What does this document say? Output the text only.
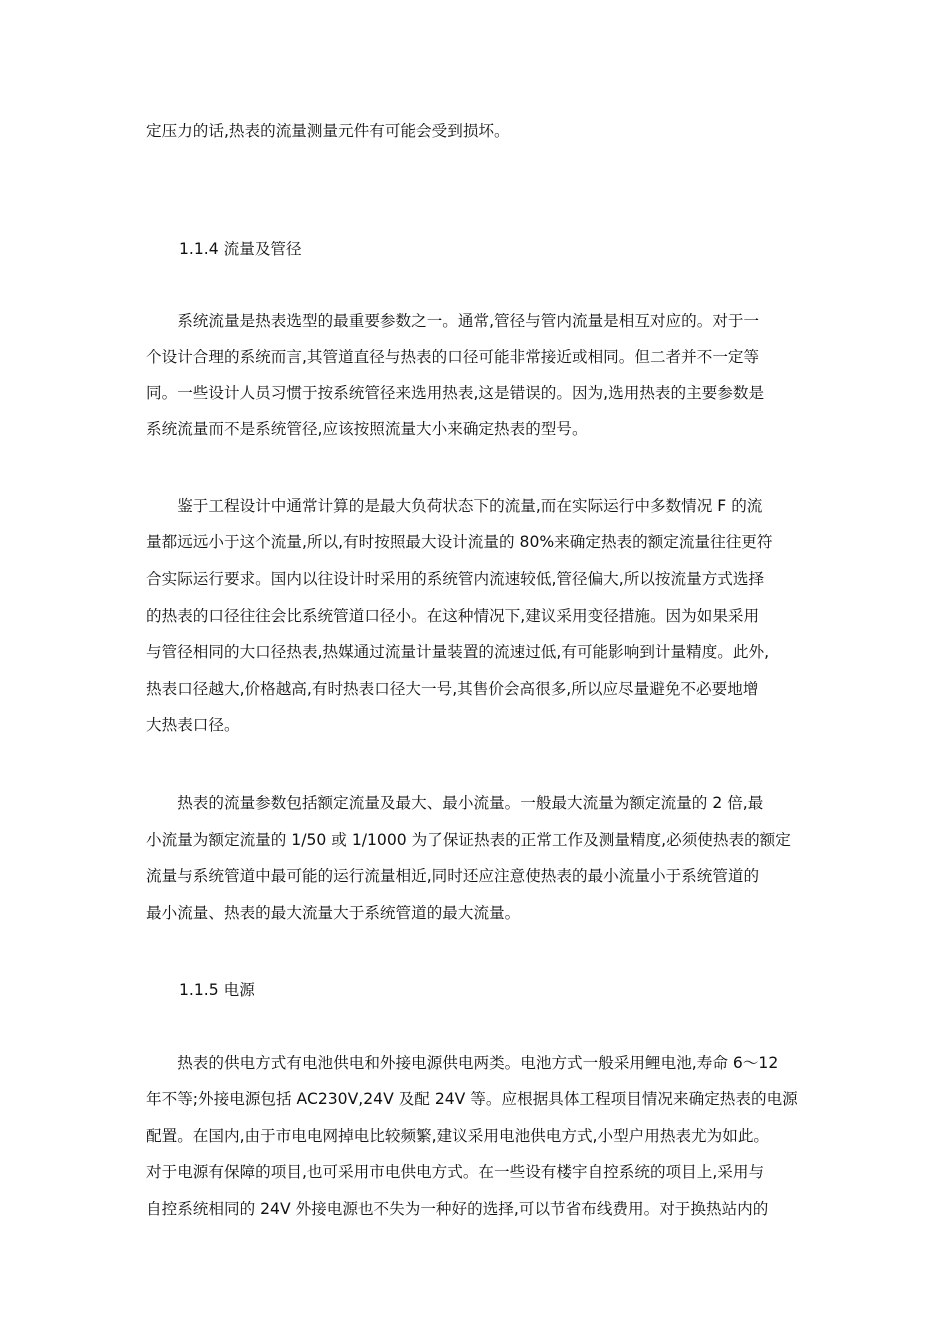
定压力的话,热表的流量测量元件有可能会受到损坏。
1.1.4 流量及管径
　　系统流量是热表选型的最重要参数之一。通常,管径与管内流量是相互对应的。对于一
个设计合理的系统而言,其管道直径与热表的口径可能非常接近或相同。但二者并不一定等
同。一些设计人员习惯于按系统管径来选用热表,这是错误的。因为,选用热表的主要参数是
系统流量而不是系统管径,应该按照流量大小来确定热表的型号。
　　鉴于工程设计中通常计算的是最大负荷状态下的流量,而在实际运行中多数情况 F 的流
量都远远小于这个流量,所以,有时按照最大设计流量的 80%来确定热表的额定流量往往更符
合实际运行要求。国内以往设计时采用的系统管内流速较低,管径偏大,所以按流量方式选择
的热表的口径往往会比系统管道口径小。在这种情况下,建议采用变径措施。因为如果采用
与管径相同的大口径热表,热媒通过流量计量装置的流速过低,有可能影响到计量精度。此外,
热表口径越大,价格越高,有时热表口径大一号,其售价会高很多,所以应尽量避免不必要地增
大热表口径。
　　热表的流量参数包括额定流量及最大、最小流量。一般最大流量为额定流量的 2 倍,最
小流量为额定流量的 1/50 或 1/1000 为了保证热表的正常工作及测量精度,必须使热表的额定
流量与系统管道中最可能的运行流量相近,同时还应注意使热表的最小流量小于系统管道的
最小流量、热表的最大流量大于系统管道的最大流量。
1.1.5 电源
　　热表的供电方式有电池供电和外接电源供电两类。电池方式一般采用鲤电池,寿命 6～12
年不等;外接电源包括 AC230V,24V 及配 24V 等。应根据具体工程项目情况来确定热表的电源
配置。在国内,由于市电电网掉电比较频繁,建议采用电池供电方式,小型户用热表尤为如此。
对于电源有保障的项目,也可采用市电供电方式。在一些设有楼宇自控系统的项目上,采用与
自控系统相同的 24V 外接电源也不失为一种好的选择,可以节省布线费用。对于换热站内的
